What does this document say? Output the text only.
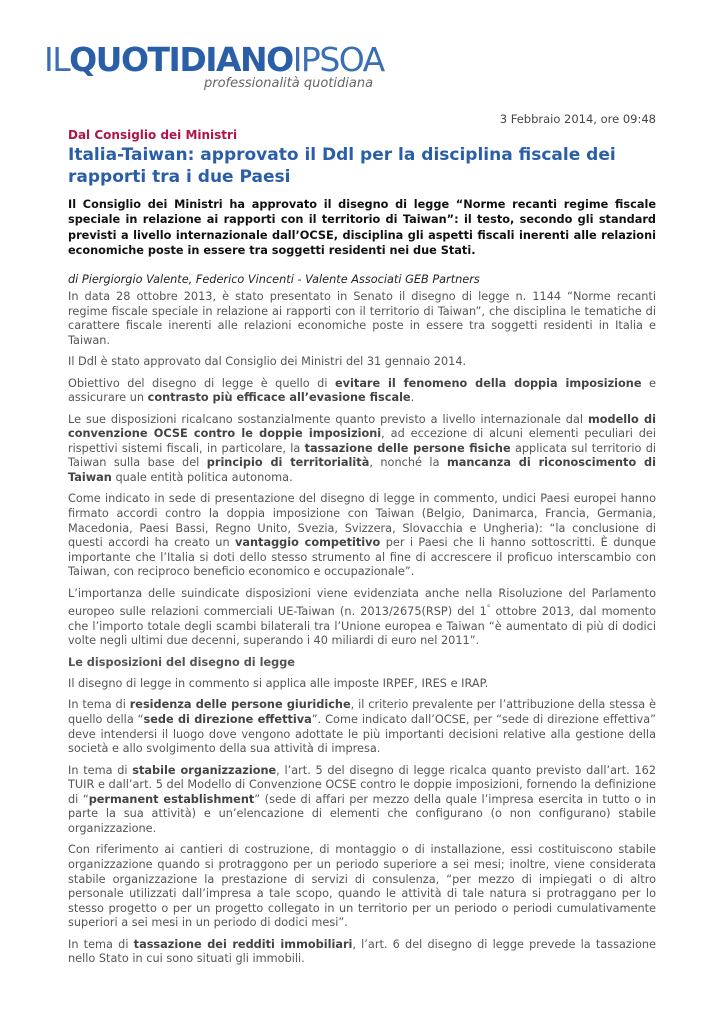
ILQUOTIDIANOIPSOA
professionalità quotidiana
3 Febbraio 2014, ore 09:48
Dal Consiglio dei Ministri
Italia-Taiwan: approvato il Ddl per la disciplina fiscale dei rapporti tra i due Paesi

Il Consiglio dei Ministri ha approvato il disegno di legge “Norme recanti regime fiscale speciale in relazione ai rapporti con il territorio di Taiwan”: il testo, secondo gli standard previsti a livello internazionale dall’OCSE, disciplina gli aspetti fiscali inerenti alle relazioni economiche poste in essere tra soggetti residenti nei due Stati.

di Piergiorgio Valente, Federico Vincenti - Valente Associati GEB Partners

In data 28 ottobre 2013, è stato presentato in Senato il disegno di legge n. 1144 “Norme recanti regime fiscale speciale in relazione ai rapporti con il territorio di Taiwan”, che disciplina le tematiche di carattere fiscale inerenti alle relazioni economiche poste in essere tra soggetti residenti in Italia e Taiwan.

Il Ddl è stato approvato dal Consiglio dei Ministri del 31 gennaio 2014.

Obiettivo del disegno di legge è quello di evitare il fenomeno della doppia imposizione e assicurare un contrasto più efficace all’evasione fiscale.

Le sue disposizioni ricalcano sostanzialmente quanto previsto a livello internazionale dal modello di convenzione OCSE contro le doppie imposizioni, ad eccezione di alcuni elementi peculiari dei rispettivi sistemi fiscali, in particolare, la tassazione delle persone fisiche applicata sul territorio di Taiwan sulla base del principio di territorialità, nonché la mancanza di riconoscimento di Taiwan quale entità politica autonoma.

Come indicato in sede di presentazione del disegno di legge in commento, undici Paesi europei hanno firmato accordi contro la doppia imposizione con Taiwan (Belgio, Danimarca, Francia, Germania, Macedonia, Paesi Bassi, Regno Unito, Svezia, Svizzera, Slovacchia e Ungheria): “la conclusione di questi accordi ha creato un vantaggio competitivo per i Paesi che li hanno sottoscritti. È dunque importante che l’Italia si doti dello stesso strumento al fine di accrescere il proficuo interscambio con Taiwan, con reciproco beneficio economico e occupazionale”.

L’importanza delle suindicate disposizioni viene evidenziata anche nella Risoluzione del Parlamento europeo sulle relazioni commerciali UE-Taiwan (n. 2013/2675(RSP) del 1° ottobre 2013, dal momento che l’importo totale degli scambi bilaterali tra l’Unione europea e Taiwan “è aumentato di più di dodici volte negli ultimi due decenni, superando i 40 miliardi di euro nel 2011”.

Le disposizioni del disegno di legge

Il disegno di legge in commento si applica alle imposte IRPEF, IRES e IRAP.

In tema di residenza delle persone giuridiche, il criterio prevalente per l’attribuzione della stessa è quello della “sede di direzione effettiva”. Come indicato dall’OCSE, per “sede di direzione effettiva” deve intendersi il luogo dove vengono adottate le più importanti decisioni relative alla gestione della società e allo svolgimento della sua attività di impresa.

In tema di stabile organizzazione, l’art. 5 del disegno di legge ricalca quanto previsto dall’art. 162 TUIR e dall’art. 5 del Modello di Convenzione OCSE contro le doppie imposizioni, fornendo la definizione di “permanent establishment” (sede di affari per mezzo della quale l’impresa esercita in tutto o in parte la sua attività) e un’elencazione di elementi che configurano (o non configurano) stabile organizzazione.

Con riferimento ai cantieri di costruzione, di montaggio o di installazione, essi costituiscono stabile organizzazione quando si protraggono per un periodo superiore a sei mesi; inoltre, viene considerata stabile organizzazione la prestazione di servizi di consulenza, “per mezzo di impiegati o di altro personale utilizzati dall’impresa a tale scopo, quando le attività di tale natura si protraggano per lo stesso progetto o per un progetto collegato in un territorio per un periodo o periodi cumulativamente superiori a sei mesi in un periodo di dodici mesi”.

In tema di tassazione dei redditi immobiliari, l’art. 6 del disegno di legge prevede la tassazione nello Stato in cui sono situati gli immobili.
